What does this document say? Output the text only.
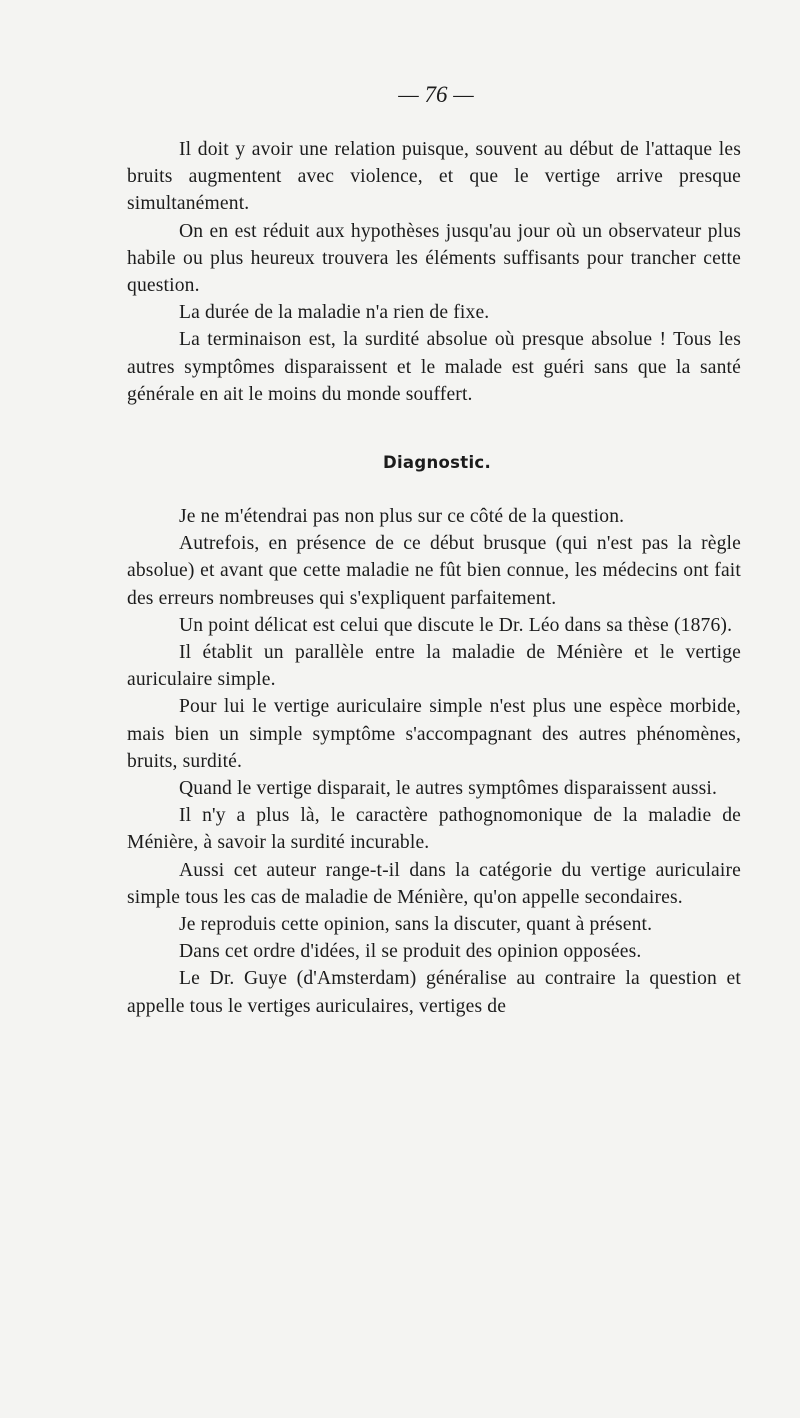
— 76 —

Il doit y avoir une relation puisque, souvent au début de l'attaque les bruits augmentent avec violence, et que le vertige arrive presque simultanément.

On en est réduit aux hypothèses jusqu'au jour où un observateur plus habile ou plus heureux trouvera les éléments suffisants pour trancher cette question.

La durée de la maladie n'a rien de fixe.

La terminaison est, la surdité absolue où presque absolue ! Tous les autres symptômes disparaissent et le malade est guéri sans que la santé générale en ait le moins du monde souffert.

Diagnostic.

Je ne m'étendrai pas non plus sur ce côté de la question.

Autrefois, en présence de ce début brusque (qui n'est pas la règle absolue) et avant que cette maladie ne fût bien connue, les médecins ont fait des erreurs nombreuses qui s'expliquent parfaitement.

Un point délicat est celui que discute le Dr. Léo dans sa thèse (1876).

Il établit un parallèle entre la maladie de Ménière et le vertige auriculaire simple.

Pour lui le vertige auriculaire simple n'est plus une espèce morbide, mais bien un simple symptôme s'accompagnant des autres phénomènes, bruits, surdité.

Quand le vertige disparait, le autres symptômes disparaissent aussi.

Il n'y a plus là, le caractère pathognomonique de la maladie de Ménière, à savoir la surdité incurable.

Aussi cet auteur range-t-il dans la catégorie du vertige auriculaire simple tous les cas de maladie de Ménière, qu'on appelle secondaires.

Je reproduis cette opinion, sans la discuter, quant à présent.

Dans cet ordre d'idées, il se produit des opinion opposées.

Le Dr. Guye (d'Amsterdam) généralise au contraire la question et appelle tous le vertiges auriculaires, vertiges de
